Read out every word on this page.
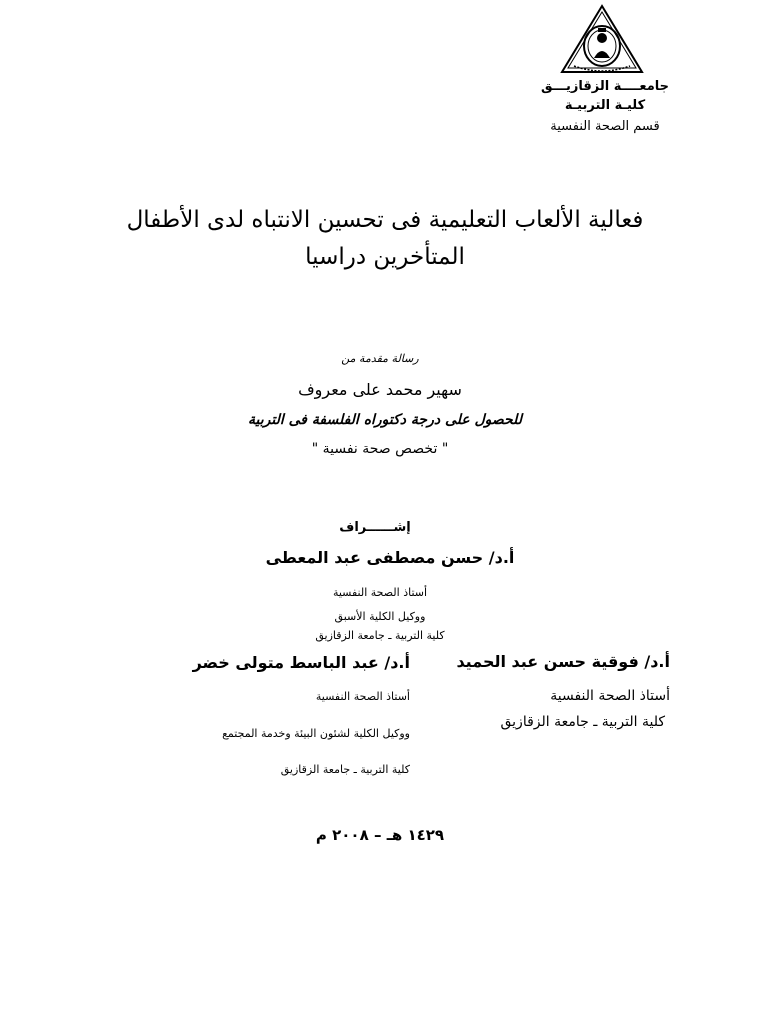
جامعــــة الزقازيـــق
كليـة التربيـة
قسم الصحة النفسية
فعالية الألعاب التعليمية فى تحسين الانتباه لدى الأطفال
المتأخرين دراسيا
رسالة مقدمة من
سهير محمد على معروف
للحصول على درجة دكتوراه الفلسفة فى التربية
" تخصص صحة نفسية "
إشــــــراف
أ.د/ حسن مصطفى عبد المعطى
أستاذ الصحة النفسية
ووكيل الكلية الأسبق
كلية التربية ـ جامعة الزقازيق
أ.د/ عبد الباسط متولى خضر
أستاذ الصحة النفسية
ووكيل الكلية لشئون البيئة وخدمة المجتمع
كلية التربية ـ جامعة الزقازيق
أ.د/ فوقية حسن عبد الحميد
أستاذ الصحة النفسية
كلية التربية ـ جامعة الزقازيق
١٤٢٩ هـ – ٢٠٠٨ م
